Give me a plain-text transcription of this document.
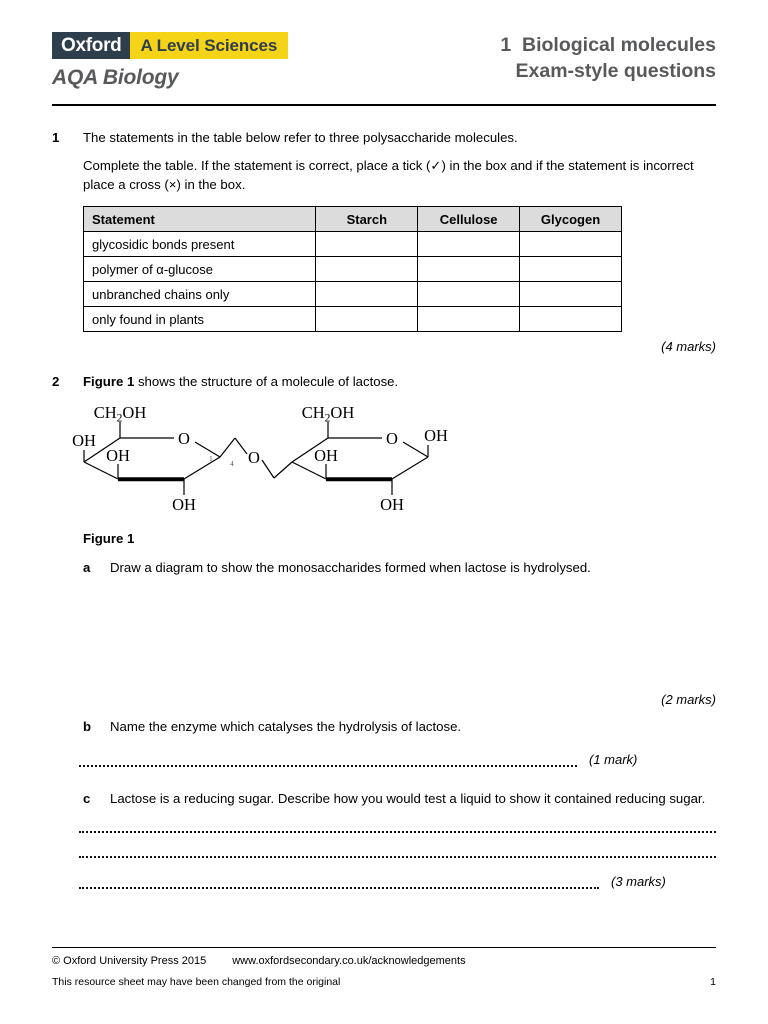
Oxford	A Level Sciences
AQA Biology
1  Biological molecules
Exam-style questions
1	The statements in the table below refer to three polysaccharide molecules.
Complete the table. If the statement is correct, place a tick (✓) in the box and if the statement is incorrect place a cross (×) in the box.
Statement	Starch	Cellulose	Glycogen
glycosidic bonds present			
polymer of α-glucose			
unbranched chains only			
only found in plants			
(4 marks)
2	Figure 1 shows the structure of a molecule of lactose.
$CH_2OH$	$CH_2OH$
O	O
O
OH
OH
OH
OH
OH
OH
1
4
Figure 1
a	Draw a diagram to show the monosaccharides formed when lactose is hydrolysed.
(2 marks)
b	Name the enzyme which catalyses the hydrolysis of lactose.
(1 mark)
c	Lactose is a reducing sugar. Describe how you would test a liquid to show it contained reducing sugar.
(3 marks)
© Oxford University Press 2015 www.oxfordsecondary.co.uk/acknowledgements
This resource sheet may have been changed from the original	1
